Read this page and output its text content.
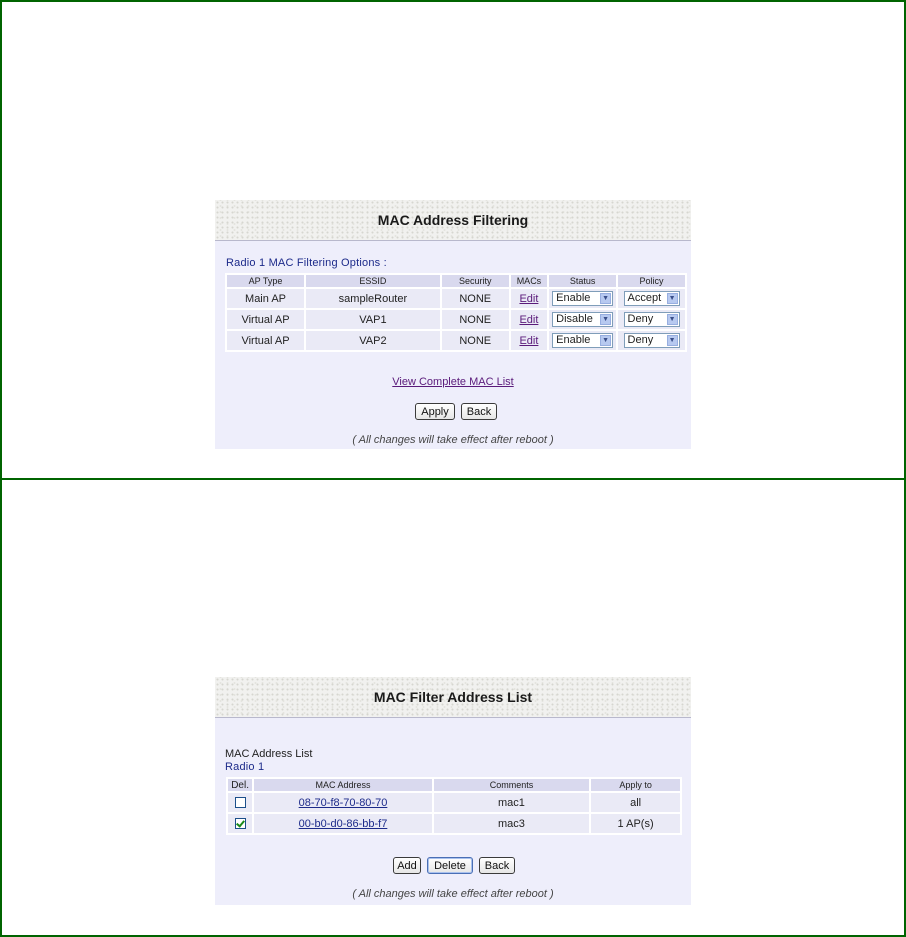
MAC Address Filtering
Radio 1 MAC Filtering Options :
AP Type	ESSID	Security	MACs	Status	Policy
Main AP	sampleRouter	NONE	Edit	Enable ▼	Accept ▼

Virtual AP	VAP1	NONE	Edit	Disable ▼	Deny ▼

Virtual AP	VAP2	NONE	Edit	Enable ▼	Deny ▼
View Complete MAC List
Apply	Back
( All changes will take effect after reboot )
MAC Filter Address List
MAC Address List
Radio 1
Del.	MAC Address	Comments	Apply to
	08-70-f8-70-80-70	mac1	all
	00-b0-d0-86-bb-f7	mac3	1 AP(s)
Add	Delete	Back
( All changes will take effect after reboot )
